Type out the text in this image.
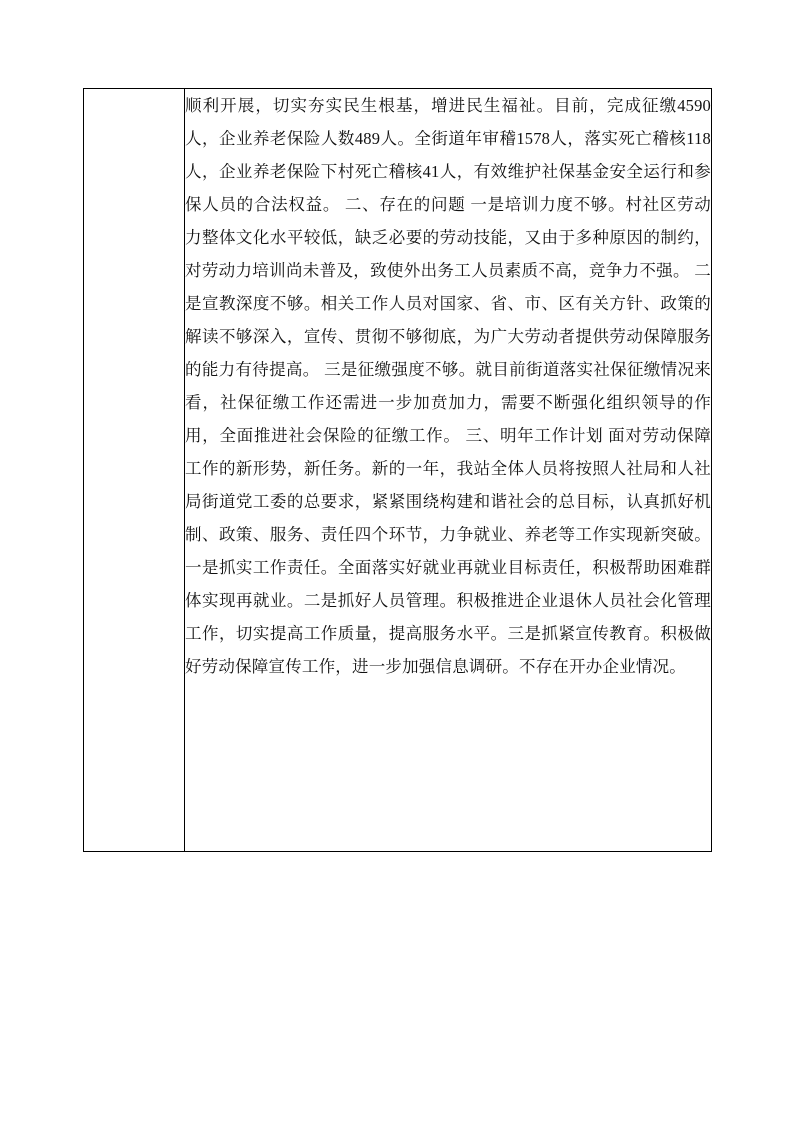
顺利开展，切实夯实民生根基，增进民生福祉。目前，完成征缴4590人，企业养老保险人数489人。全街道年审稽1578人，落实死亡稽核118人，企业养老保险下村死亡稽核41人，有效维护社保基金安全运行和参保人员的合法权益。 二、存在的问题 一是培训力度不够。村社区劳动力整体文化水平较低，缺乏必要的劳动技能，又由于多种原因的制约，对劳动力培训尚未普及，致使外出务工人员素质不高，竞争力不强。 二是宣教深度不够。相关工作人员对国家、省、市、区有关方针、政策的解读不够深入，宣传、贯彻不够彻底，为广大劳动者提供劳动保障服务的能力有待提高。 三是征缴强度不够。就目前街道落实社保征缴情况来看，社保征缴工作还需进一步加贲加力，需要不断强化组织领导的作用，全面推进社会保险的征缴工作。 三、明年工作计划 面对劳动保障工作的新形势，新任务。新的一年，我站全体人员将按照人社局和人社局街道党工委的总要求，紧紧围绕构建和谐社会的总目标，认真抓好机制、政策、服务、责任四个环节，力争就业、养老等工作实现新突破。一是抓实工作责任。全面落实好就业再就业目标责任，积极帮助困难群体实现再就业。二是抓好人员管理。积极推进企业退休人员社会化管理工作，切实提高工作质量，提高服务水平。三是抓紧宣传教育。积极做好劳动保障宣传工作，进一步加强信息调研。不存在开办企业情况。
